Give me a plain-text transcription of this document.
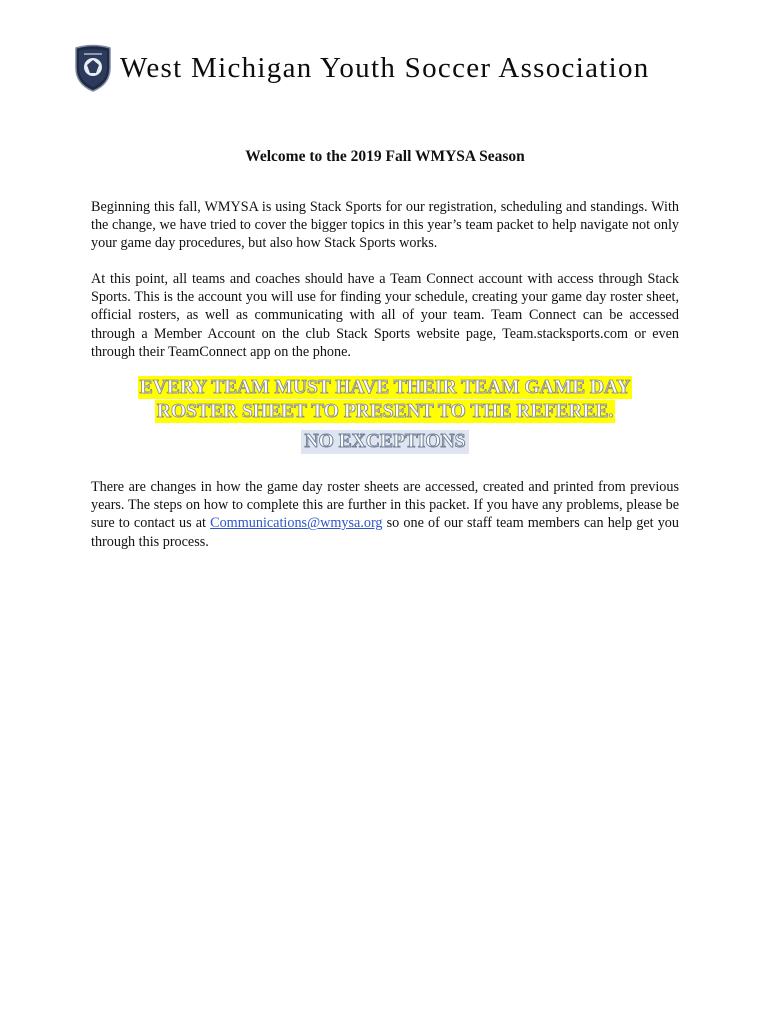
West Michigan Youth Soccer Association
Welcome to the 2019 Fall WMYSA Season

Beginning this fall, WMYSA is using Stack Sports for our registration, scheduling and standings. With the change, we have tried to cover the bigger topics in this year’s team packet to help navigate not only your game day procedures, but also how Stack Sports works.

At this point, all teams and coaches should have a Team Connect account with access through Stack Sports. This is the account you will use for finding your schedule, creating your game day roster sheet, official rosters, as well as communicating with all of your team. Team Connect can be accessed through a Member Account on the club Stack Sports website page, Team.stacksports.com or even through their TeamConnect app on the phone.

EVERY TEAM MUST HAVE THEIR TEAM GAME DAY
ROSTER SHEET TO PRESENT TO THE REFEREE.
NO EXCEPTIONS

There are changes in how the game day roster sheets are accessed, created and printed from previous years. The steps on how to complete this are further in this packet. If you have any problems, please be sure to contact us at Communications@wmysa.org so one of our staff team members can help get you through this process.
